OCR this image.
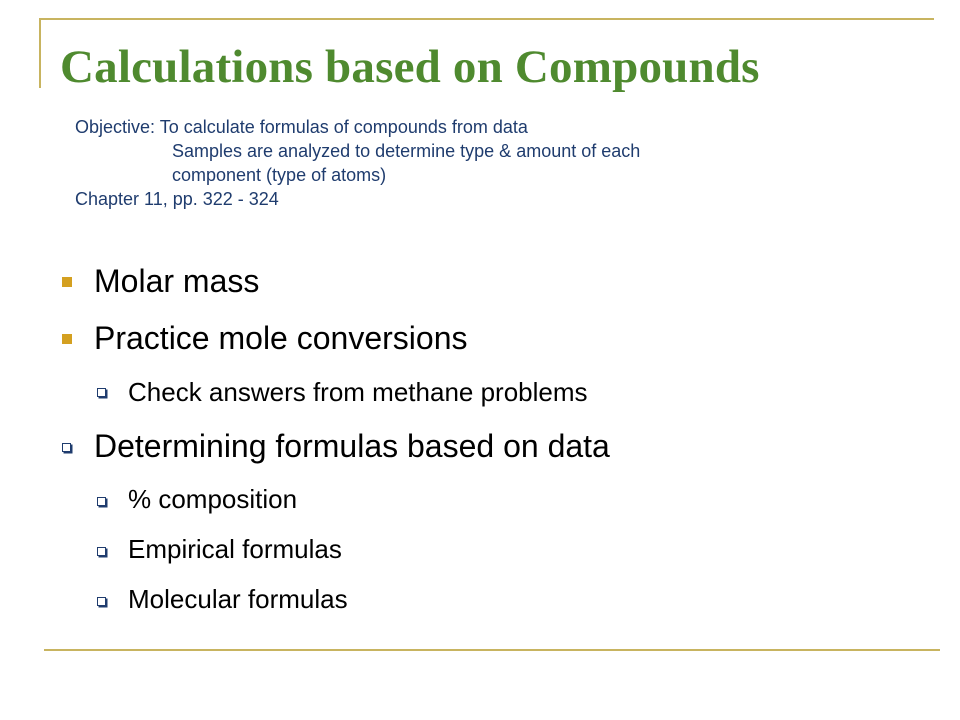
Calculations based on Compounds
Objective: To calculate formulas of compounds from data
Samples are analyzed to determine type & amount of each
component (type of atoms)
Chapter 11, pp. 322 - 324
Molar mass
Practice mole conversions
Check answers from methane problems
Determining formulas based on data
% composition
Empirical formulas
Molecular formulas
